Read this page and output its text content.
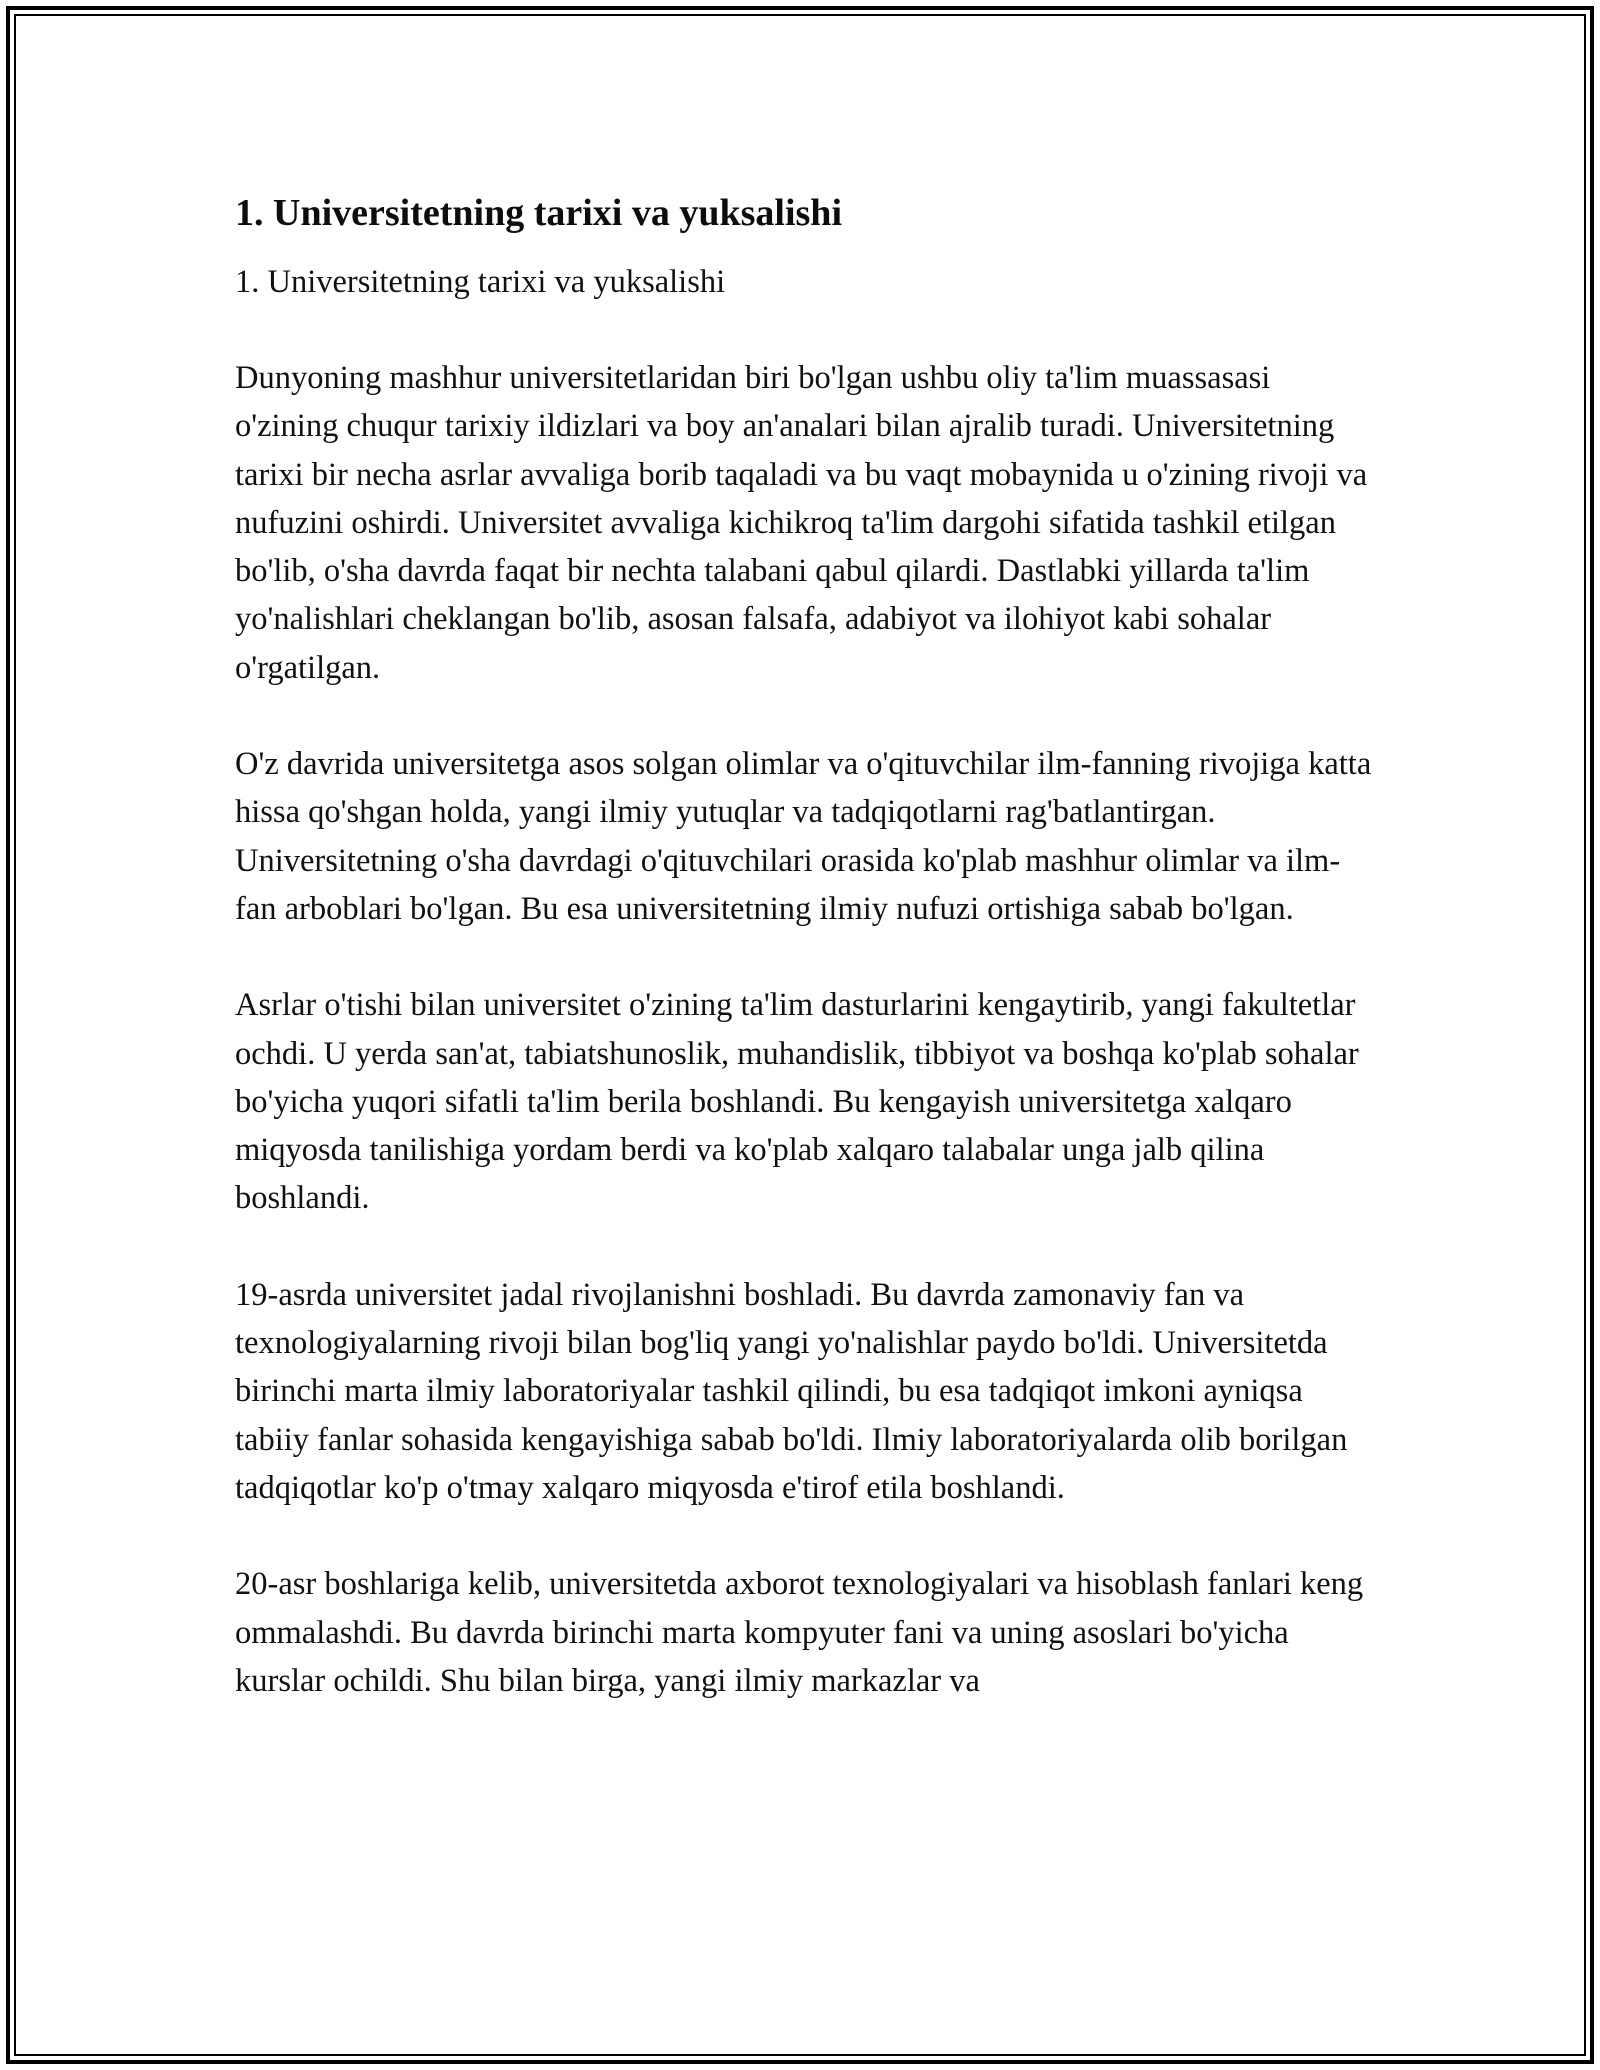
1. Universitetning tarixi va yuksalishi

1. Universitetning tarixi va yuksalishi

Dunyoning mashhur universitetlaridan biri bo'lgan ushbu oliy ta'lim muassasasi o'zining chuqur tarixiy ildizlari va boy an'analari bilan ajralib turadi. Universitetning tarixi bir necha asrlar avvaliga borib taqaladi va bu vaqt mobaynida u o'zining rivoji va nufuzini oshirdi. Universitet avvaliga kichikroq ta'lim dargohi sifatida tashkil etilgan bo'lib, o'sha davrda faqat bir nechta talabani qabul qilardi. Dastlabki yillarda ta'lim yo'nalishlari cheklangan bo'lib, asosan falsafa, adabiyot va ilohiyot kabi sohalar o'rgatilgan.

O'z davrida universitetga asos solgan olimlar va o'qituvchilar ilm-fanning rivojiga katta hissa qo'shgan holda, yangi ilmiy yutuqlar va tadqiqotlarni rag'batlantirgan. Universitetning o'sha davrdagi o'qituvchilari orasida ko'plab mashhur olimlar va ilm-fan arboblari bo'lgan. Bu esa universitetning ilmiy nufuzi ortishiga sabab bo'lgan.

Asrlar o'tishi bilan universitet o'zining ta'lim dasturlarini kengaytirib, yangi fakultetlar ochdi. U yerda san'at, tabiatshunoslik, muhandislik, tibbiyot va boshqa ko'plab sohalar bo'yicha yuqori sifatli ta'lim berila boshlandi. Bu kengayish universitetga xalqaro miqyosda tanilishiga yordam berdi va ko'plab xalqaro talabalar unga jalb qilina boshlandi.

19-asrda universitet jadal rivojlanishni boshladi. Bu davrda zamonaviy fan va texnologiyalarning rivoji bilan bog'liq yangi yo'nalishlar paydo bo'ldi. Universitetda birinchi marta ilmiy laboratoriyalar tashkil qilindi, bu esa tadqiqot imkoni ayniqsa tabiiy fanlar sohasida kengayishiga sabab bo'ldi. Ilmiy laboratoriyalarda olib borilgan tadqiqotlar ko'p o'tmay xalqaro miqyosda e'tirof etila boshlandi.

20-asr boshlariga kelib, universitetda axborot texnologiyalari va hisoblash fanlari keng ommalashdi. Bu davrda birinchi marta kompyuter fani va uning asoslari bo'yicha kurslar ochildi. Shu bilan birga, yangi ilmiy markazlar va
